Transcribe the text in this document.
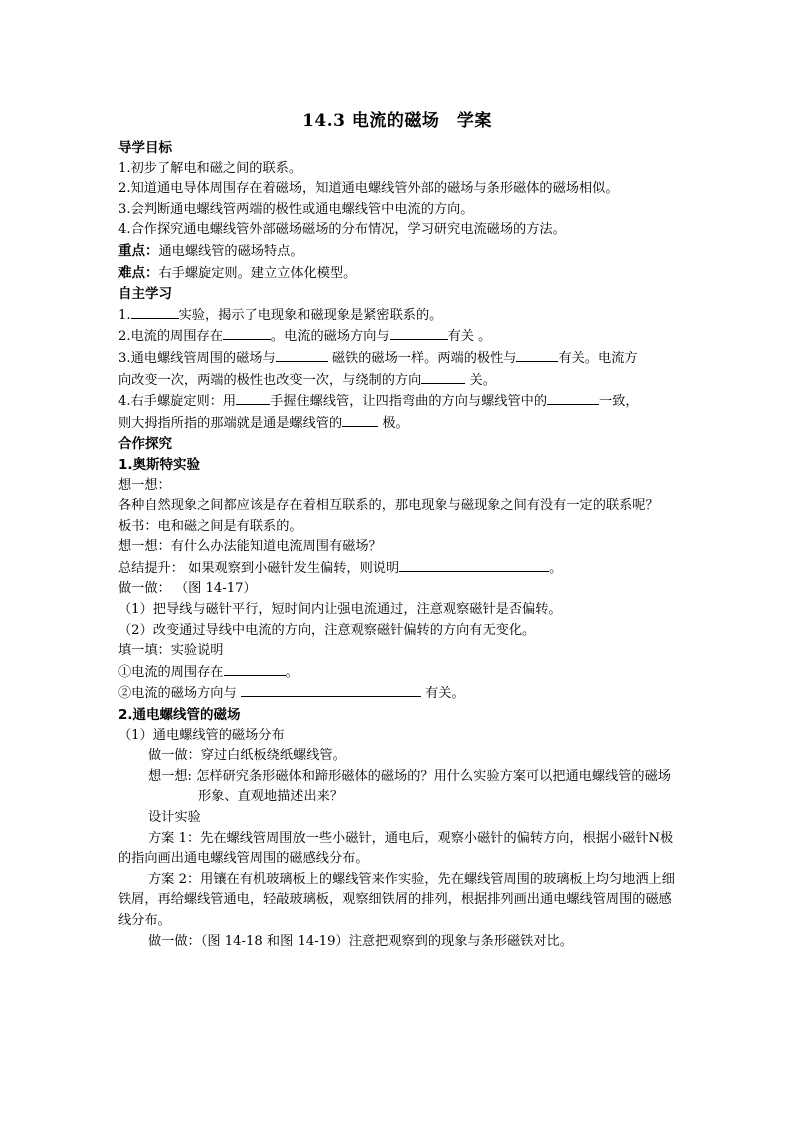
14.3 电流的磁场　学案
导学目标
1.初步了解电和磁之间的联系。
2.知道通电导体周围存在着磁场，知道通电螺线管外部的磁场与条形磁体的磁场相似。
3.会判断通电螺线管两端的极性或通电螺线管中电流的方向。
4.合作探究通电螺线管外部磁场磁场的分布情况，学习研究电流磁场的方法。
重点：通电螺线管的磁场特点。
难点：右手螺旋定则。建立立体化模型。
自主学习
1.	实验，揭示了电现象和磁现象是紧密联系的。
2.电流的周围存在	。电流的磁场方向与	有关 。
3.通电螺线管周围的磁场与	磁铁的磁场一样。两端的极性与	有关。电流方
向改变一次，两端的极性也改变一次，与绕制的方向	关。
4.右手螺旋定则：用	手握住螺线管，让四指弯曲的方向与螺线管中的	一致，
则大拇指所指的那端就是通是螺线管的	极。
合作探究
1.奥斯特实验
想一想：
各种自然现象之间都应该是存在着相互联系的，那电现象与磁现象之间有没有一定的联系呢？
板书：电和磁之间是有联系的。
想一想：有什么办法能知道电流周围有磁场？
总结提升： 如果观察到小磁针发生偏转，则说明	。
做一做： （图 14-17）
（1）把导线与磁针平行，短时间内让强电流通过，注意观察磁针是否偏转。
（2）改变通过导线中电流的方向，注意观察磁针偏转的方向有无变化。
填一填：实验说明
①电流的周围存在	。
②电流的磁场方向与	有关。
2.通电螺线管的磁场
（1）通电螺线管的磁场分布
做一做：穿过白纸板绕纸螺线管。
想一想: 怎样研究条形磁体和蹄形磁体的磁场的？用什么实验方案可以把通电螺线管的磁场形象、直观地描述出来？
设计实验
方案 1：先在螺线管周围放一些小磁针，通电后，观察小磁针的偏转方向，根据小磁针N极的指向画出通电螺线管周围的磁感线分布。
方案 2：用镶在有机玻璃板上的螺线管来作实验，先在螺线管周围的玻璃板上均匀地洒上细铁屑，再给螺线管通电，轻敲玻璃板，观察细铁屑的排列，根据排列画出通电螺线管周围的磁感线分布。
做一做：（图 14-18 和图 14-19）注意把观察到的现象与条形磁铁对比。
